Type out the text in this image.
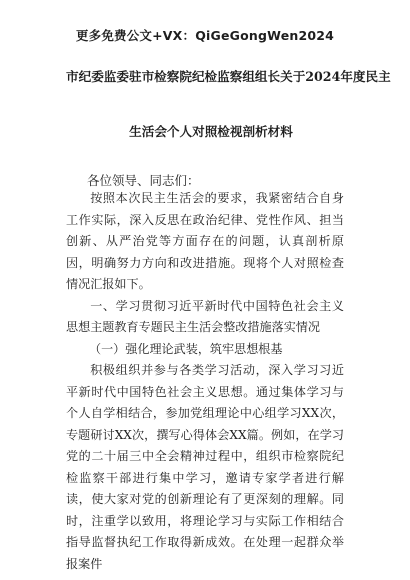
更多免费公文+VX：QiGeGongWen2024
市纪委监委驻市检察院纪检监察组组长关于2024年度民主
生活会个人对照检视剖析材料
各位领导、同志们：

按照本次民主生活会的要求，我紧密结合自身工作实际，深入反思在政治纪律、党性作风、担当创新、从严治党等方面存在的问题，认真剖析原因，明确努力方向和改进措施。现将个人对照检查情况汇报如下。

一、学习贯彻习近平新时代中国特色社会主义思想主题教育专题民主生活会整改措施落实情况

（一）强化理论武装，筑牢思想根基

积极组织并参与各类学习活动，深入学习习近平新时代中国特色社会主义思想。通过集体学习与个人自学相结合，参加党组理论中心组学习XX次，专题研讨XX次，撰写心得体会XX篇。例如，在学习党的二十届三中全会精神过程中，组织市检察院纪检监察干部进行集中学习，邀请专家学者进行解读，使大家对党的创新理论有了更深刻的理解。同时，注重学以致用，将理论学习与实际工作相结合指导监督执纪工作取得新成效。在处理一起群众举报案件
